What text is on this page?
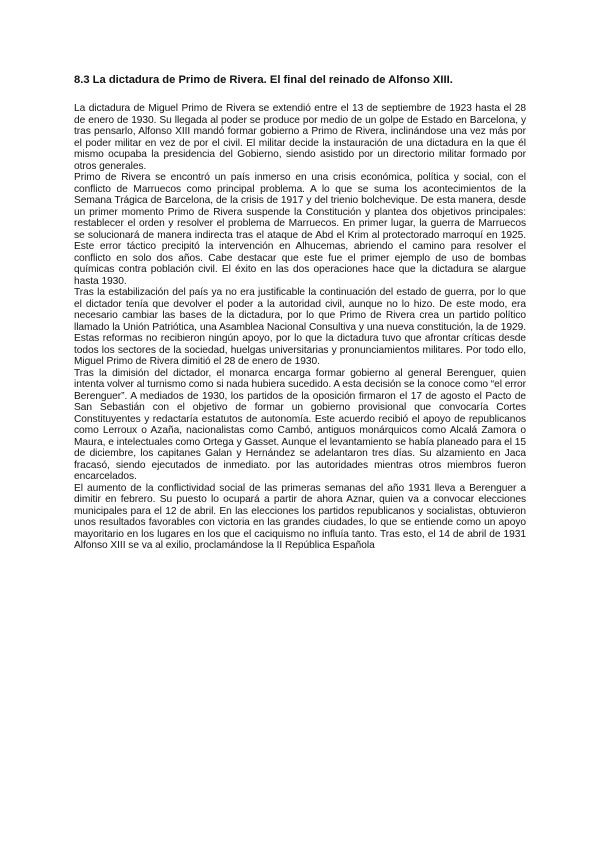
8.3 La dictadura de Primo de Rivera. El final del reinado de Alfonso XIII.

La dictadura de Miguel Primo de Rivera se extendió entre el 13 de septiembre de 1923 hasta el 28 de enero de 1930. Su llegada al poder se produce por medio de un golpe de Estado en Barcelona, y tras pensarlo, Alfonso XIII mandó formar gobierno a Primo de Rivera, inclinándose una vez más por el poder militar en vez de por el civil. El militar decide la instauración de una dictadura en la que él mismo ocupaba la presidencia del Gobierno, siendo asistido por un directorio militar formado por otros generales.

Primo de Rivera se encontró un país inmerso en una crisis económica, política y social, con el conflicto de Marruecos como principal problema. A lo que se suma los acontecimientos de la Semana Trágica de Barcelona, de la crisis de 1917 y del trienio bolchevique. De esta manera, desde un primer momento Primo de Rivera suspende la Constitución y plantea dos objetivos principales: restablecer el orden y resolver el problema de Marruecos. En primer lugar, la guerra de Marruecos se solucionará de manera indirecta tras el ataque de Abd el Krim al protectorado marroquí en 1925. Este error táctico precipitó la intervención en Alhucemas, abriendo el camino para resolver el conflicto en solo dos años. Cabe destacar que este fue el primer ejemplo de uso de bombas químicas contra población civil. El éxito en las dos operaciones hace que la dictadura se alargue hasta 1930.

Tras la estabilización del país ya no era justificable la continuación del estado de guerra, por lo que el dictador tenía que devolver el poder a la autoridad civil, aunque no lo hizo. De este modo, era necesario cambiar las bases de la dictadura, por lo que Primo de Rivera crea un partido político llamado la Unión Patriótica, una Asamblea Nacional Consultiva y una nueva constitución, la de 1929. Estas reformas no recibieron ningún apoyo, por lo que la dictadura tuvo que afrontar críticas desde todos los sectores de la sociedad, huelgas universitarias y pronunciamientos militares. Por todo ello, Miguel Primo de Rivera dimitió el 28 de enero de 1930.

Tras la dimisión del dictador, el monarca encarga formar gobierno al general Berenguer, quien intenta volver al turnismo como si nada hubiera sucedido. A esta decisión se la conoce como “el error Berenguer”. A mediados de 1930, los partidos de la oposición firmaron el 17 de agosto el Pacto de San Sebastián con el objetivo de formar un gobierno provisional que convocaría Cortes Constituyentes y redactaría estatutos de autonomía. Este acuerdo recibió el apoyo de republicanos como Lerroux o Azaña, nacionalistas como Cambó, antiguos monárquicos como Alcalá Zamora o Maura, e intelectuales como Ortega y Gasset. Aunque el levantamiento se había planeado para el 15 de diciembre, los capitanes Galan y Hernández se adelantaron tres días. Su alzamiento en Jaca fracasó, siendo ejecutados de inmediato. por las autoridades mientras otros miembros fueron encarcelados.

El aumento de la conflictividad social de las primeras semanas del año 1931 lleva a Berenguer a dimitir en febrero. Su puesto lo ocupará a partir de ahora Aznar, quien va a convocar elecciones municipales para el 12 de abril. En las elecciones los partidos republicanos y socialistas, obtuvieron unos resultados favorables con victoria en las grandes ciudades, lo que se entiende como un apoyo mayoritario en los lugares en los que el caciquismo no influía tanto. Tras esto, el 14 de abril de 1931 Alfonso XIII se va al exilio, proclamándose la II República Española
